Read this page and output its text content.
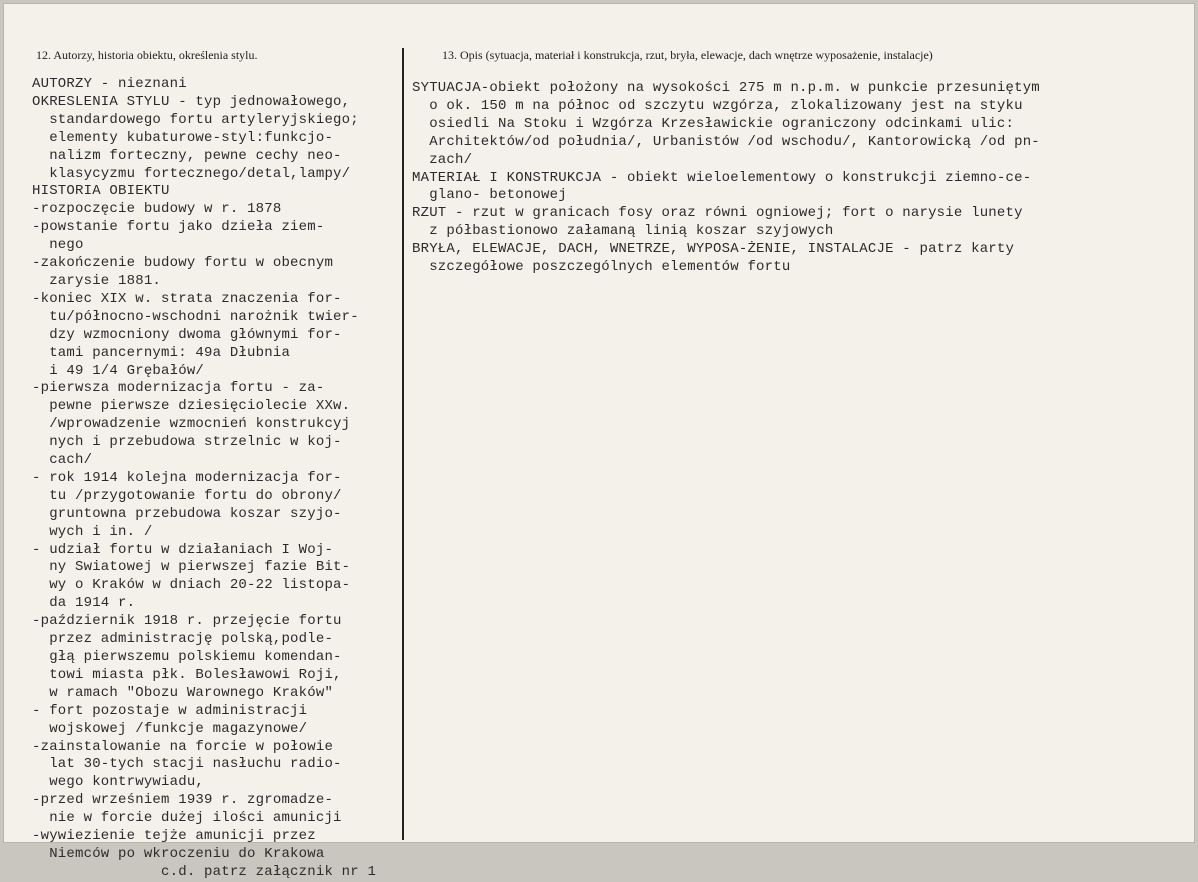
12. Autorzy, historia obiektu, określenia stylu.	13. Opis (sytuacja, materiał i konstrukcja, rzut, bryła, elewacje, dach wnętrze wyposażenie, instalacje)
AUTORZY - nieznani
OKRESLENIA STYLU - typ jednowałowego,
standardowego fortu artyleryjskiego;
elementy kubaturowe-styl:funkcjo-
nalizm forteczny, pewne cechy neo-
klasycyzmu fortecznego/detal,lampy/
HISTORIA OBIEKTU
-rozpoczęcie budowy w r. 1878
-powstanie fortu jako dzieła ziem-
nego
-zakończenie budowy fortu w obecnym
zarysie 1881.
-koniec XIX w. strata znaczenia for-
tu/północno-wschodni narożnik twier-
dzy wzmocniony dwoma głównymi for-
tami pancernymi: 49a Dłubnia
i 49 1/4 Grębałów/
-pierwsza modernizacja fortu - za-
pewne pierwsze dziesięciolecie XXw.
/wprowadzenie wzmocnień konstrukcyj
nych i przebudowa strzelnic w koj-
cach/
- rok 1914 kolejna modernizacja for-
tu /przygotowanie fortu do obrony/
gruntowna przebudowa koszar szyjo-
wych i in. /
- udział fortu w działaniach I Woj-
ny Swiatowej w pierwszej fazie Bit-
wy o Kraków w dniach 20-22 listopa-
da 1914 r.
-październik 1918 r. przejęcie fortu
przez administrację polską,podle-
głą pierwszemu polskiemu komendan-
towi miasta płk. Bolesławowi Roji,
w ramach "Obozu Warownego Kraków"
- fort pozostaje w administracji
wojskowej /funkcje magazynowe/
-zainstalowanie na forcie w połowie
lat 30-tych stacji nasłuchu radio-
wego kontrwywiadu,
-przed wrześniem 1939 r. zgromadze-
nie w forcie dużej ilości amunicji
-wywiezienie tejże amunicji przez
Niemców po wkroczeniu do Krakowa
c.d. patrz załącznik nr 1
SYTUACJA-obiekt położony na wysokości 275 m n.p.m. w punkcie przesuniętym
o ok. 150 m na północ od szczytu wzgórza, zlokalizowany jest na styku
osiedli Na Stoku i Wzgórza Krzesławickie ograniczony odcinkami ulic:
Architektów/od południa/, Urbanistów /od wschodu/, Kantorowicką /od pn-
zach/
MATERIAŁ I KONSTRUKCJA - obiekt wieloelementowy o konstrukcji ziemno-ce-
glano- betonowej
RZUT - rzut w granicach fosy oraz równi ogniowej; fort o narysie lunety
z półbastionowo załamaną linią koszar szyjowych
BRYŁA, ELEWACJE, DACH, WNETRZE, WYPOSA-ŻENIE, INSTALACJE - patrz karty
szczegółowe poszczególnych elementów fortu
